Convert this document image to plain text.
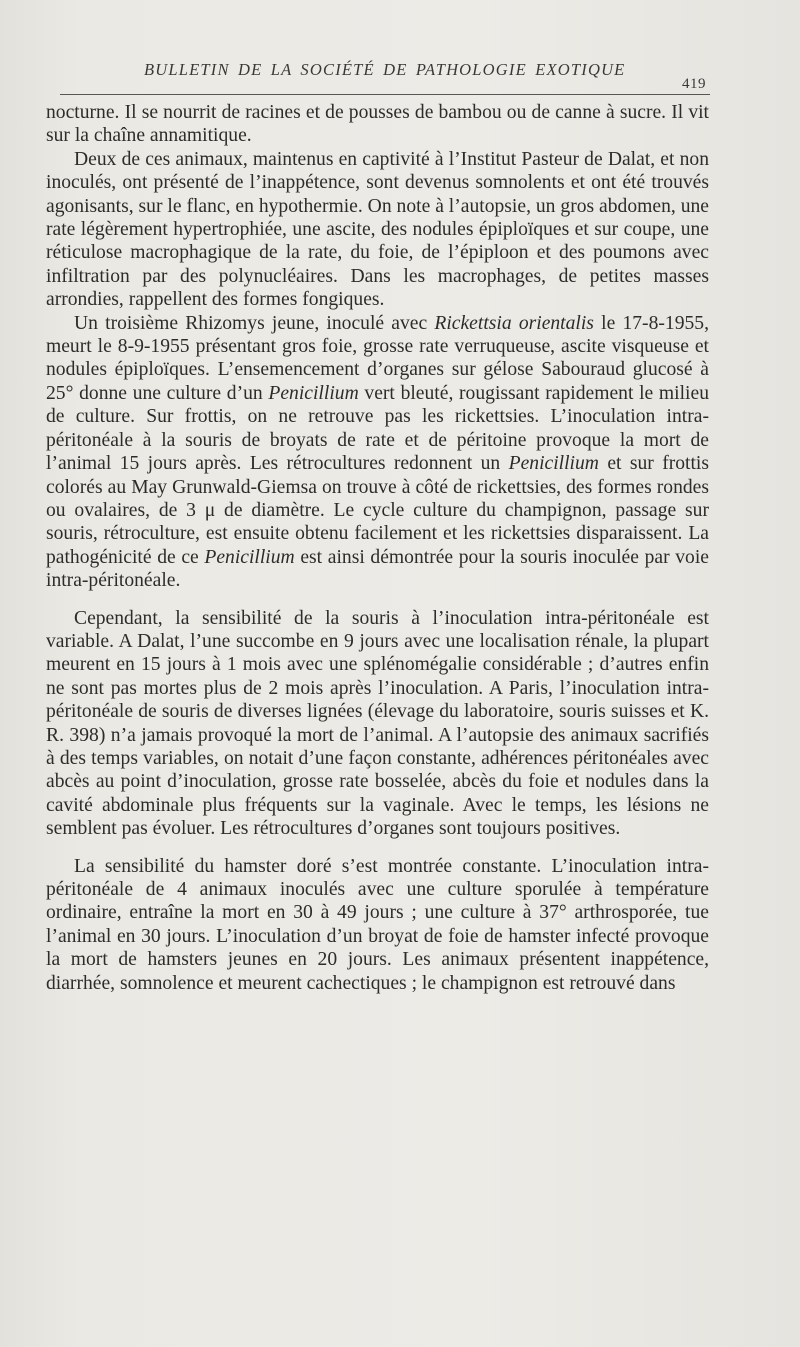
BULLETIN DE LA SOCIÉTÉ DE PATHOLOGIE EXOTIQUE
419

nocturne. Il se nourrit de racines et de pousses de bambou ou de canne à sucre. Il vit sur la chaîne annamitique.

Deux de ces animaux, maintenus en captivité à l’Institut Pasteur de Dalat, et non inoculés, ont présenté de l’inappétence, sont devenus somnolents et ont été trouvés agonisants, sur le flanc, en hypothermie. On note à l’autopsie, un gros abdomen, une rate légèrement hypertrophiée, une ascite, des nodules épiploïques et sur coupe, une réticulose macrophagique de la rate, du foie, de l’épiploon et des poumons avec infiltration par des polynucléaires. Dans les macrophages, de petites masses arrondies, rappellent des formes fongiques.

Un troisième Rhizomys jeune, inoculé avec Rickettsia orientalis le 17-8-1955, meurt le 8-9-1955 présentant gros foie, grosse rate verruqueuse, ascite visqueuse et nodules épiploïques. L’ensemencement d’organes sur gélose Sabouraud glucosé à 25° donne une culture d’un Penicillium vert bleuté, rougissant rapidement le milieu de culture. Sur frottis, on ne retrouve pas les rickettsies. L’inoculation intra-péritonéale à la souris de broyats de rate et de péritoine provoque la mort de l’animal 15 jours après. Les rétrocultures redonnent un Penicillium et sur frottis colorés au May Grunwald-Giemsa on trouve à côté de rickettsies, des formes rondes ou ovalaires, de 3 μ de diamètre. Le cycle culture du champignon, passage sur souris, rétroculture, est ensuite obtenu facilement et les rickettsies disparaissent. La pathogénicité de ce Penicillium est ainsi démontrée pour la souris inoculée par voie intra-péritonéale.

Cependant, la sensibilité de la souris à l’inoculation intra-péritonéale est variable. A Dalat, l’une succombe en 9 jours avec une localisation rénale, la plupart meurent en 15 jours à 1 mois avec une splénomégalie considérable ; d’autres enfin ne sont pas mortes plus de 2 mois après l’inoculation. A Paris, l’inoculation intra-péritonéale de souris de diverses lignées (élevage du laboratoire, souris suisses et K. R. 398) n’a jamais provoqué la mort de l’animal. A l’autopsie des animaux sacrifiés à des temps variables, on notait d’une façon constante, adhérences péritonéales avec abcès au point d’inoculation, grosse rate bosselée, abcès du foie et nodules dans la cavité abdominale plus fréquents sur la vaginale. Avec le temps, les lésions ne semblent pas évoluer. Les rétrocultures d’organes sont toujours positives.

La sensibilité du hamster doré s’est montrée constante. L’inoculation intra-péritonéale de 4 animaux inoculés avec une culture sporulée à température ordinaire, entraîne la mort en 30 à 49 jours ; une culture à 37° arthrosporée, tue l’animal en 30 jours. L’inoculation d’un broyat de foie de hamster infecté provoque la mort de hamsters jeunes en 20 jours. Les animaux présentent inappétence, diarrhée, somnolence et meurent cachectiques ; le champignon est retrouvé dans
